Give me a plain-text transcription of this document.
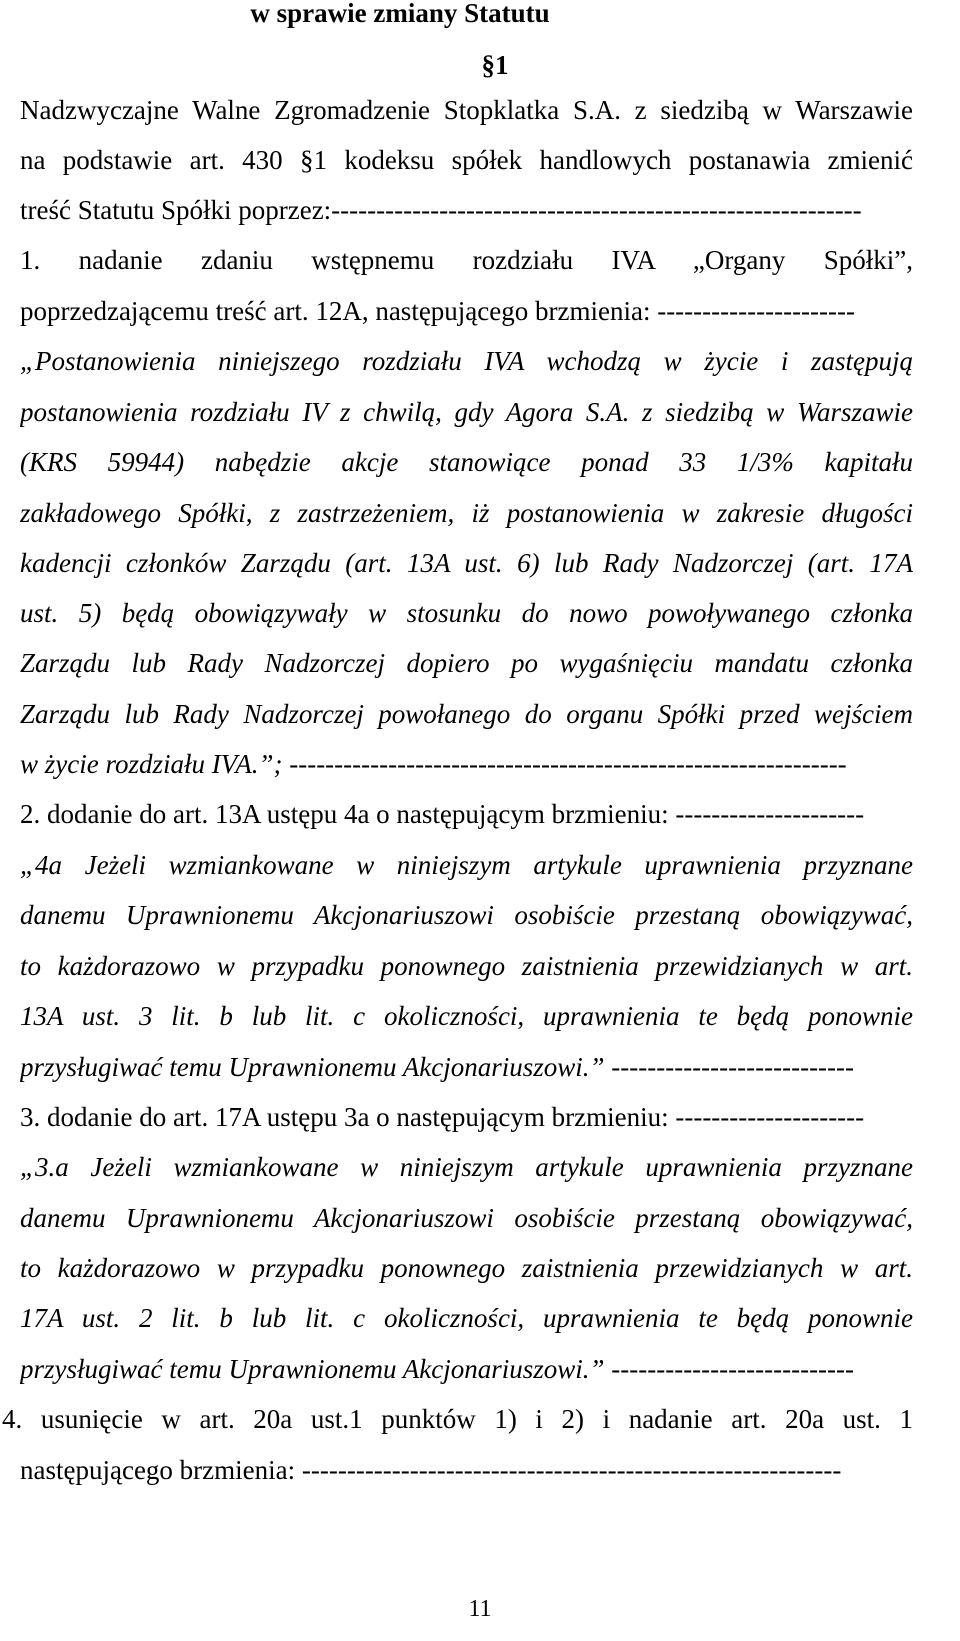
w sprawie zmiany Statutu
§1
Nadzwyczajne Walne Zgromadzenie Stopklatka S.A. z siedzibą w Warszawie
na podstawie art. 430 §1 kodeksu spółek handlowych postanawia zmienić
treść Statutu Spółki poprzez:-----------------------------------------------------------
1. nadanie zdaniu wstępnemu rozdziału IVA „Organy Spółki”,
poprzedzającemu treść art. 12A, następującego brzmienia: ----------------------
„Postanowienia niniejszego rozdziału IVA wchodzą w życie i zastępują
postanowienia rozdziału IV z chwilą, gdy Agora S.A. z siedzibą w Warszawie
(KRS 59944) nabędzie akcje stanowiące ponad 33 1/3% kapitału
zakładowego Spółki, z zastrzeżeniem, iż postanowienia w zakresie długości
kadencji członków Zarządu (art. 13A ust. 6) lub Rady Nadzorczej (art. 17A
ust. 5) będą obowiązywały w stosunku do nowo powoływanego członka
Zarządu lub Rady Nadzorczej dopiero po wygaśnięciu mandatu członka
Zarządu lub Rady Nadzorczej powołanego do organu Spółki przed wejściem
w życie rozdziału IVA.”; --------------------------------------------------------------
2. dodanie do art. 13A ustępu 4a o następującym brzmieniu: ---------------------
„4a Jeżeli wzmiankowane w niniejszym artykule uprawnienia przyznane
danemu Uprawnionemu Akcjonariuszowi osobiście przestaną obowiązywać,
to każdorazowo w przypadku ponownego zaistnienia przewidzianych w art.
13A ust. 3 lit. b lub lit. c okoliczności, uprawnienia te będą ponownie
przysługiwać temu Uprawnionemu Akcjonariuszowi.” ---------------------------
3. dodanie do art. 17A ustępu 3a o następującym brzmieniu: ---------------------
„3.a Jeżeli wzmiankowane w niniejszym artykule uprawnienia przyznane
danemu Uprawnionemu Akcjonariuszowi osobiście przestaną obowiązywać,
to każdorazowo w przypadku ponownego zaistnienia przewidzianych w art.
17A ust. 2 lit. b lub lit. c okoliczności, uprawnienia te będą ponownie
przysługiwać temu Uprawnionemu Akcjonariuszowi.” ---------------------------
4. usunięcie w art. 20a ust.1 punktów 1) i 2) i nadanie art. 20a ust. 1
następującego brzmienia: ------------------------------------------------------------
11
